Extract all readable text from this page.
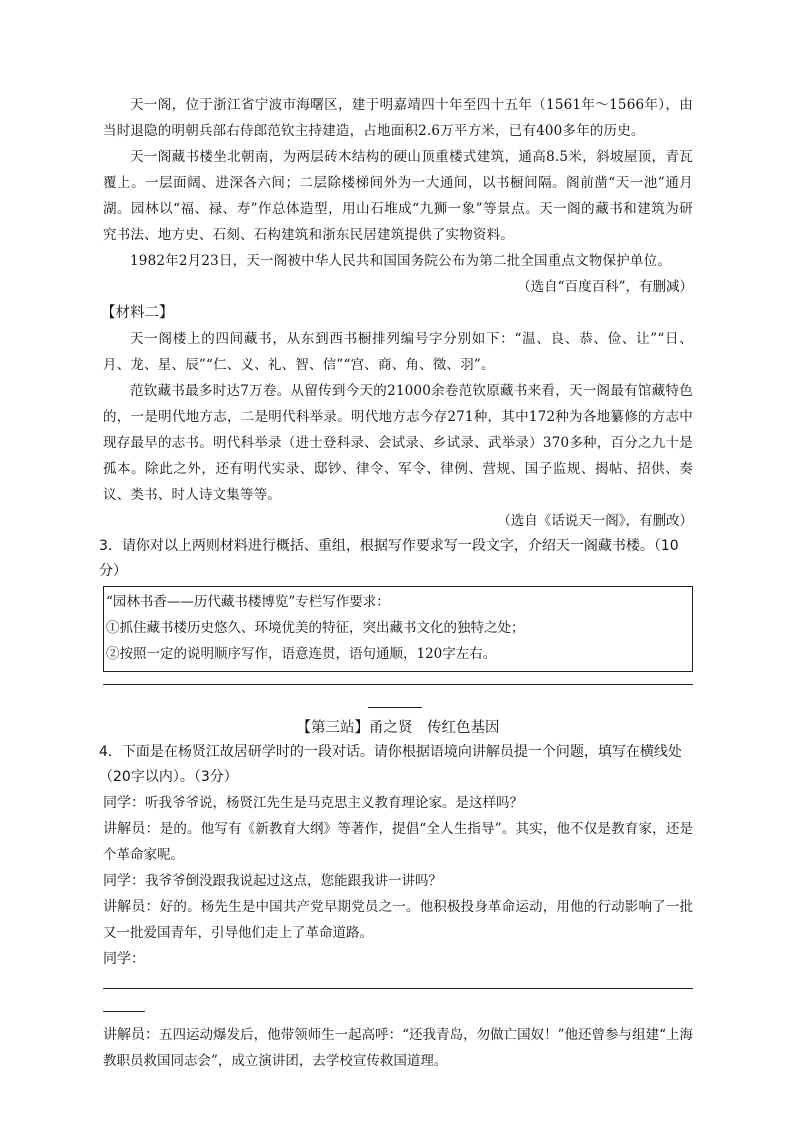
天一阁，位于浙江省宁波市海曙区，建于明嘉靖四十年至四十五年（1561年～1566年），由当时退隐的明朝兵部右侍郎范钦主持建造，占地面积2.6万平方米，已有400多年的历史。

天一阁藏书楼坐北朝南，为两层砖木结构的硬山顶重楼式建筑，通高8.5米，斜坡屋顶，青瓦覆上。一层面阔、进深各六间；二层除楼梯间外为一大通间，以书橱间隔。阁前凿“天一池”通月湖。园林以“福、禄、寿”作总体造型，用山石堆成“九狮一象”等景点。天一阁的藏书和建筑为研究书法、地方史、石刻、石构建筑和浙东民居建筑提供了实物资料。

1982年2月23日，天一阁被中华人民共和国国务院公布为第二批全国重点文物保护单位。

（选自“百度百科”，有删减）

【材料二】

天一阁楼上的四间藏书，从东到西书橱排列编号字分别如下：“温、良、恭、俭、让”“日、月、龙、星、辰”“仁、义、礼、智、信”“宫、商、角、徵、羽”。

范钦藏书最多时达7万卷。从留传到今天的21000余卷范钦原藏书来看，天一阁最有馆藏特色的，一是明代地方志，二是明代科举录。明代地方志今存271种，其中172种为各地纂修的方志中现存最早的志书。明代科举录（进士登科录、会试录、乡试录、武举录）370多种，百分之九十是孤本。除此之外，还有明代实录、邸钞、律令、军令、律例、营规、国子监规、揭帖、招供、奏议、类书、时人诗文集等等。

（选自《话说天一阁》，有删改）

3．请你对以上两则材料进行概括、重组，根据写作要求写一段文字，介绍天一阁藏书楼。（10分）

“园林书香——历代藏书楼博览”专栏写作要求：

①抓住藏书楼历史悠久、环境优美的特征，突出藏书文化的独特之处；

②按照一定的说明顺序写作，语意连贯，语句通顺，120字左右。

【第三站】甬之贤　传红色基因

4．下面是在杨贤江故居研学时的一段对话。请你根据语境向讲解员提一个问题，填写在横线处（20字以内）。（3分）

同学：听我爷爷说，杨贤江先生是马克思主义教育理论家。是这样吗？

讲解员：是的。他写有《新教育大纲》等著作，提倡“全人生指导”。其实，他不仅是教育家，还是个革命家呢。

同学：我爷爷倒没跟我说起过这点，您能跟我讲一讲吗？

讲解员：好的。杨先生是中国共产党早期党员之一。他积极投身革命运动，用他的行动影响了一批又一批爱国青年，引导他们走上了革命道路。

同学：

讲解员：五四运动爆发后，他带领师生一起高呼：“还我青岛，勿做亡国奴！”他还曾参与组建“上海教职员救国同志会”，成立演讲团，去学校宣传救国道理。
